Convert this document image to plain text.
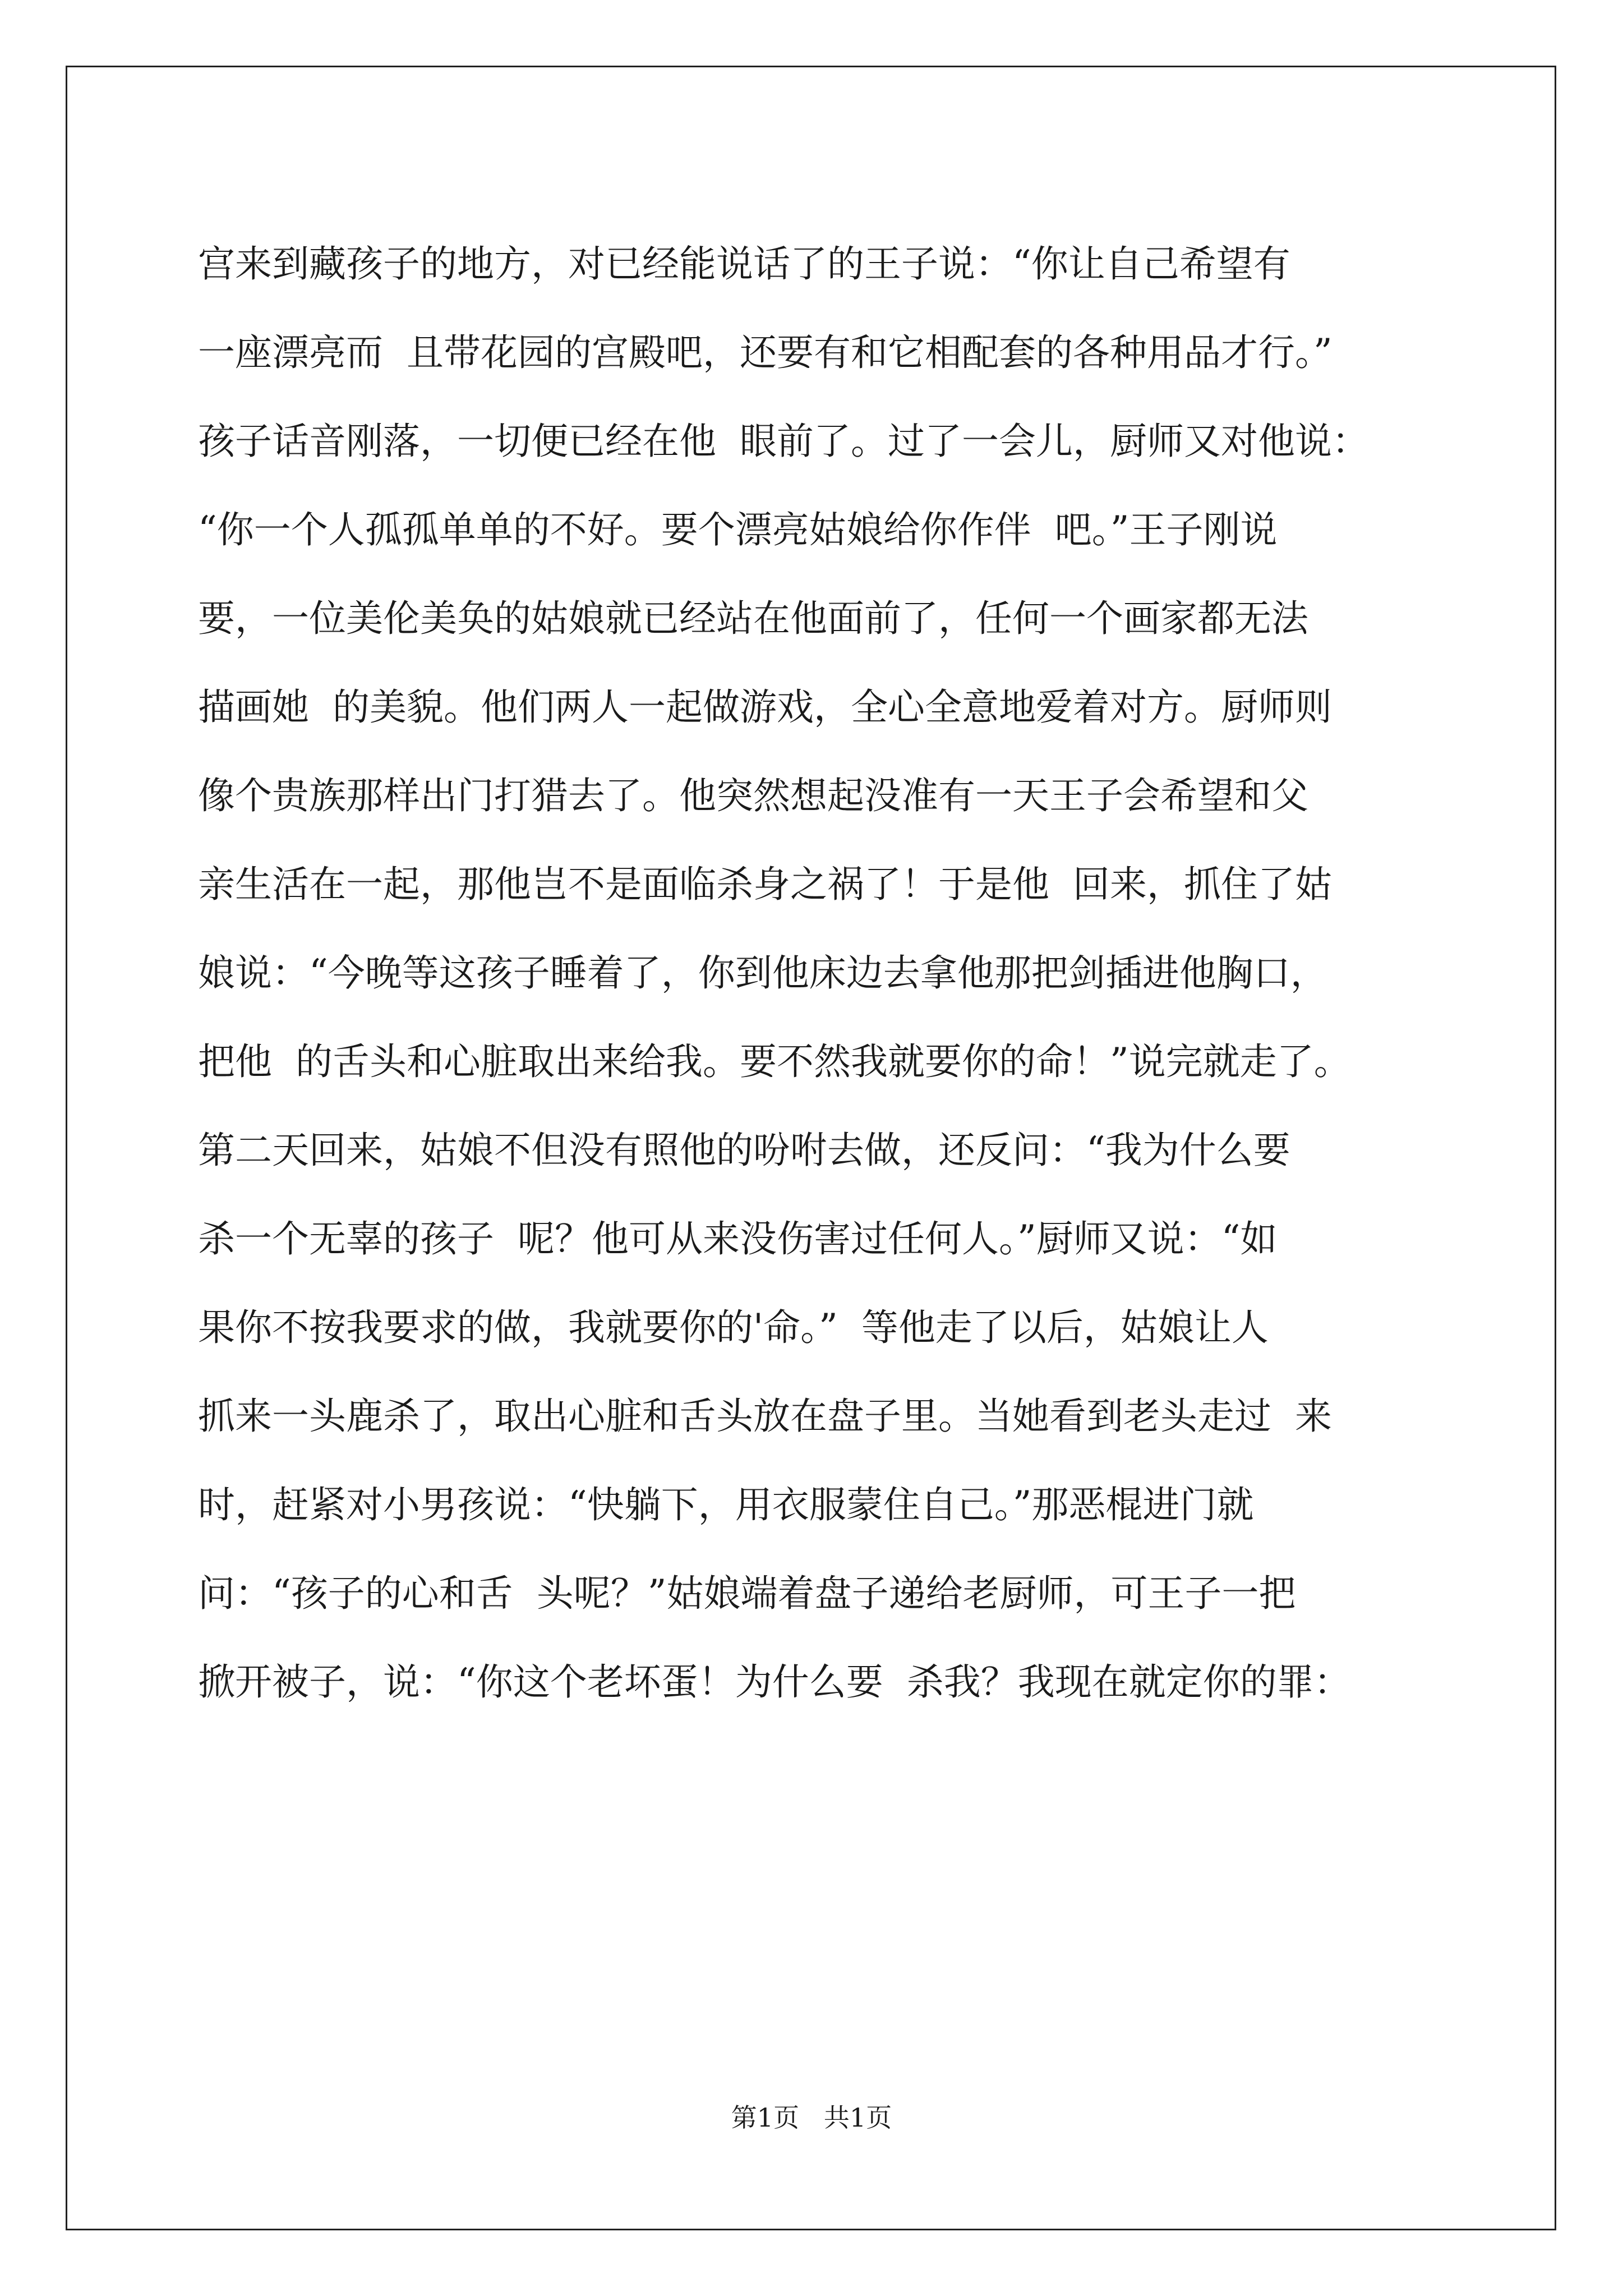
宫来到藏孩子的地方，对已经能说话了的王子说：“你让自己希望有
一座漂亮而  且带花园的宫殿吧，还要有和它相配套的各种用品才行。”
孩子话音刚落，一切便已经在他  眼前了。过了一会儿，厨师又对他说：
“你一个人孤孤单单的不好。要个漂亮姑娘给你作伴  吧。”王子刚说
要，一位美伦美奂的姑娘就已经站在他面前了，任何一个画家都无法
描画她  的美貌。他们两人一起做游戏，全心全意地爱着对方。厨师则
像个贵族那样出门打猎去了。他突然想起没准有一天王子会希望和父
亲生活在一起，那他岂不是面临杀身之祸了！于是他  回来，抓住了姑
娘说：“今晚等这孩子睡着了，你到他床边去拿他那把剑插进他胸口，
把他  的舌头和心脏取出来给我。要不然我就要你的命！”说完就走了。
第二天回来，姑娘不但没有照他的吩咐去做，还反问：“我为什么要
杀一个无辜的孩子  呢？他可从来没伤害过任何人。”厨师又说：“如
果你不按我要求的做，我就要你的'命。”  等他走了以后，姑娘让人
抓来一头鹿杀了，取出心脏和舌头放在盘子里。当她看到老头走过  来
时，赶紧对小男孩说：“快躺下，用衣服蒙住自己。”那恶棍进门就
问：“孩子的心和舌  头呢？”姑娘端着盘子递给老厨师，可王子一把
掀开被子，说：“你这个老坏蛋！为什么要  杀我？我现在就定你的罪：
第1页   共1页
